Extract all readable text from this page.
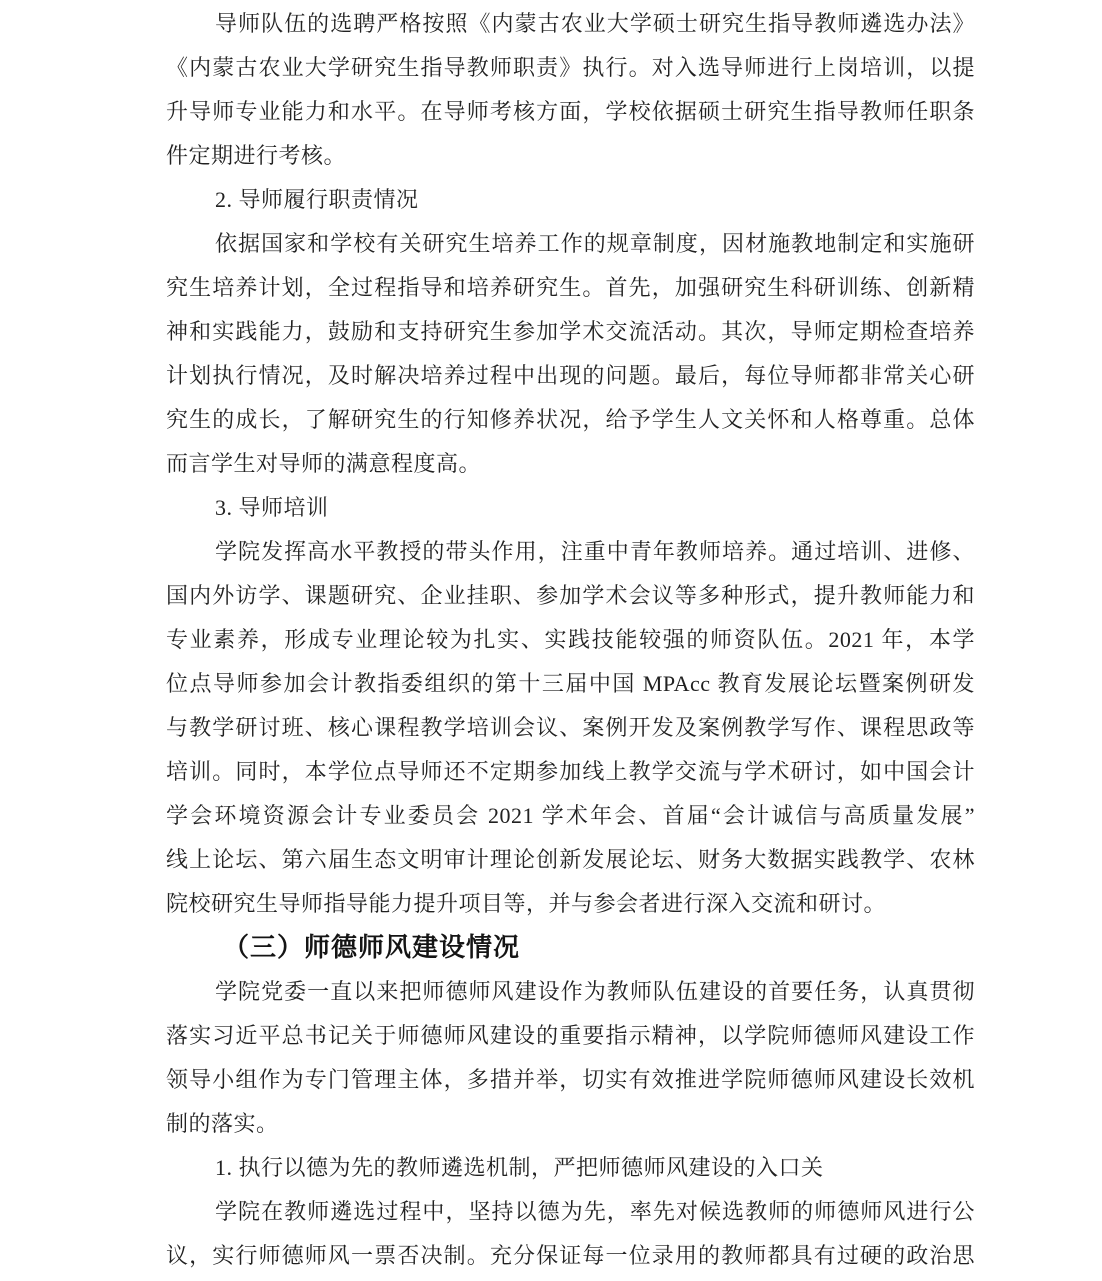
导师队伍的选聘严格按照《内蒙古农业大学硕士研究生指导教师遴选办法》
《内蒙古农业大学研究生指导教师职责》执行。对入选导师进行上岗培训，以提
升导师专业能力和水平。在导师考核方面，学校依据硕士研究生指导教师任职条
件定期进行考核。
2. 导师履行职责情况
依据国家和学校有关研究生培养工作的规章制度，因材施教地制定和实施研
究生培养计划，全过程指导和培养研究生。首先，加强研究生科研训练、创新精
神和实践能力，鼓励和支持研究生参加学术交流活动。其次，导师定期检查培养
计划执行情况，及时解决培养过程中出现的问题。最后，每位导师都非常关心研
究生的成长，了解研究生的行知修养状况，给予学生人文关怀和人格尊重。总体
而言学生对导师的满意程度高。
3. 导师培训
学院发挥高水平教授的带头作用，注重中青年教师培养。通过培训、进修、
国内外访学、课题研究、企业挂职、参加学术会议等多种形式，提升教师能力和
专业素养，形成专业理论较为扎实、实践技能较强的师资队伍。2021 年，本学
位点导师参加会计教指委组织的第十三届中国 MPAcc 教育发展论坛暨案例研发
与教学研讨班、核心课程教学培训会议、案例开发及案例教学写作、课程思政等
培训。同时，本学位点导师还不定期参加线上教学交流与学术研讨，如中国会计
学会环境资源会计专业委员会 2021 学术年会、首届“会计诚信与高质量发展”
线上论坛、第六届生态文明审计理论创新发展论坛、财务大数据实践教学、农林
院校研究生导师指导能力提升项目等，并与参会者进行深入交流和研讨。
（三）师德师风建设情况
学院党委一直以来把师德师风建设作为教师队伍建设的首要任务，认真贯彻
落实习近平总书记关于师德师风建设的重要指示精神，以学院师德师风建设工作
领导小组作为专门管理主体，多措并举，切实有效推进学院师德师风建设长效机
制的落实。
1. 执行以德为先的教师遴选机制，严把师德师风建设的入口关
学院在教师遴选过程中，坚持以德为先，率先对候选教师的师德师风进行公
议，实行师德师风一票否决制。充分保证每一位录用的教师都具有过硬的政治思
